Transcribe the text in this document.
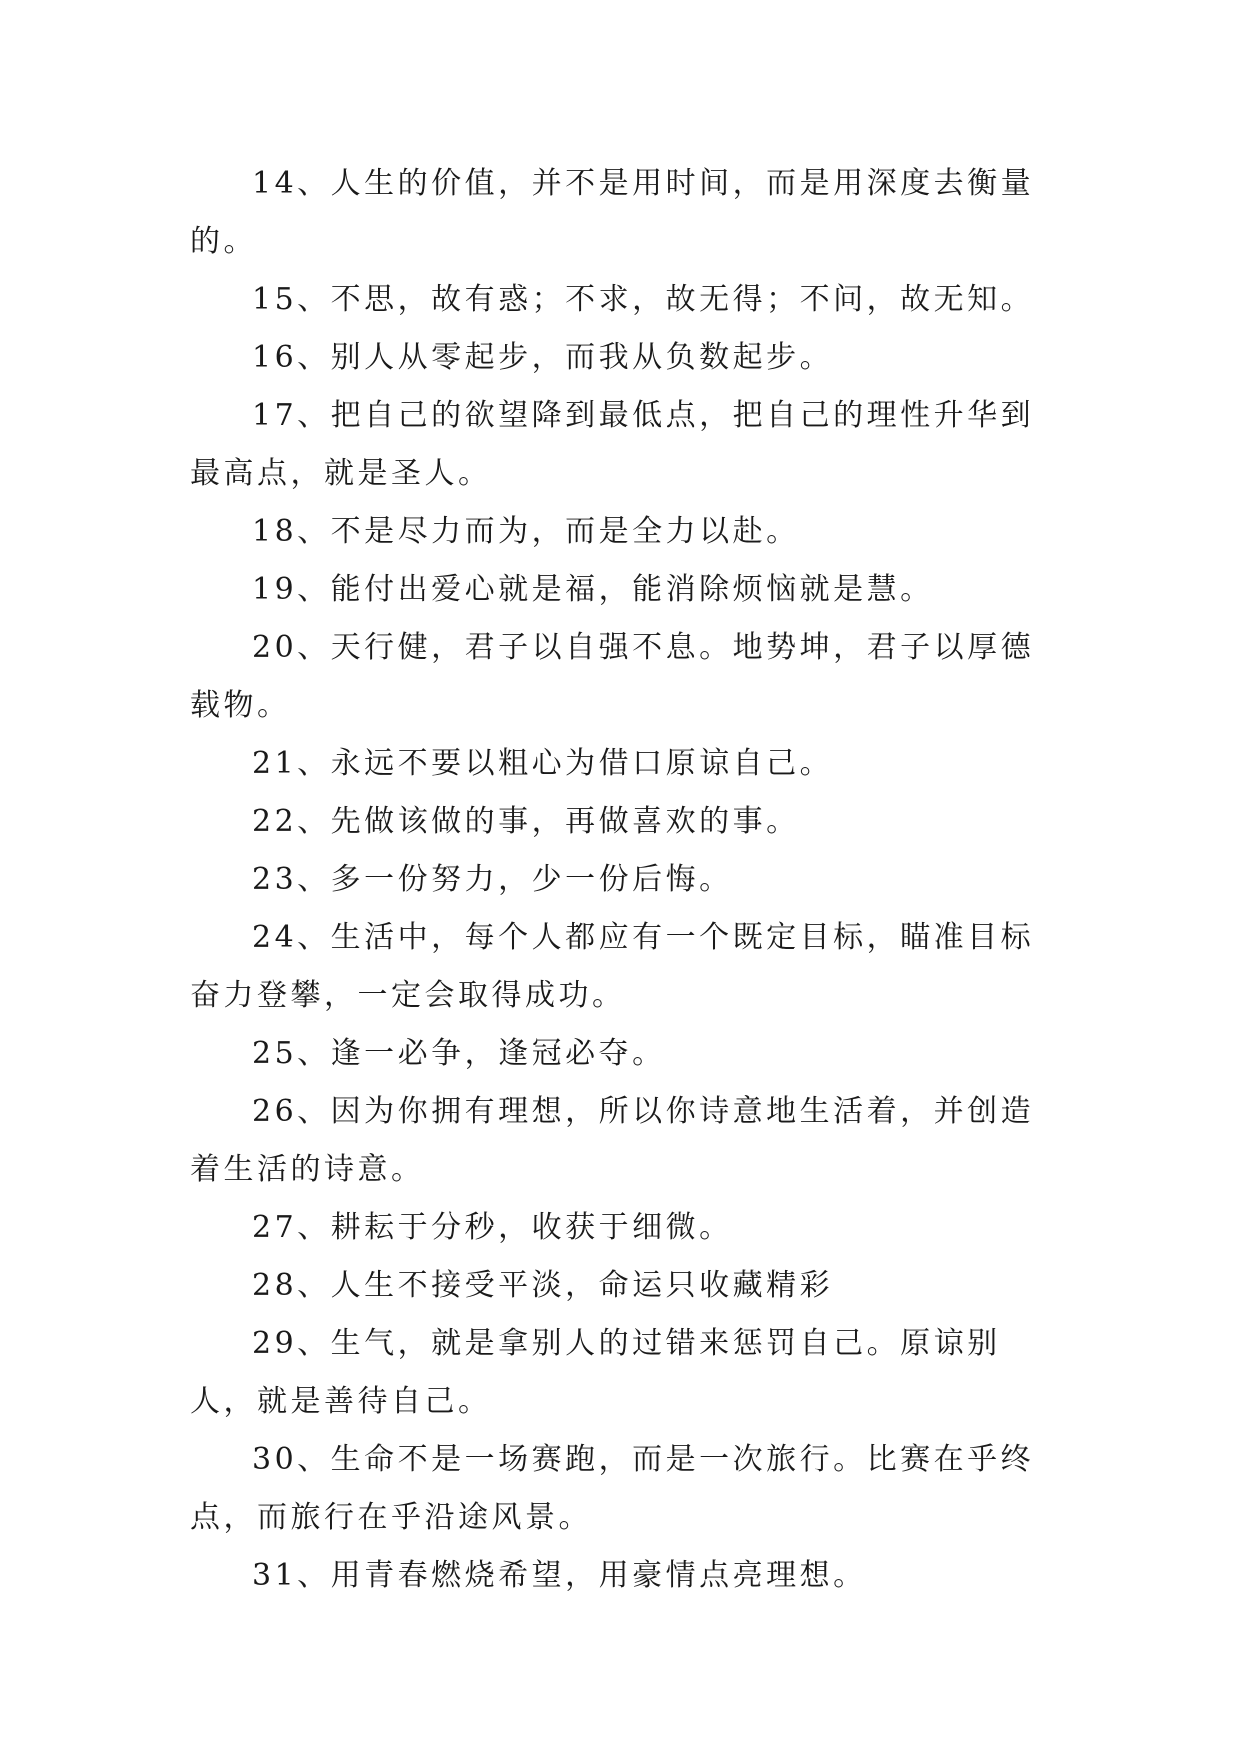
14、人生的价值，并不是用时间，而是用深度去衡量的。

15、不思，故有惑；不求，故无得；不问，故无知。

16、别人从零起步，而我从负数起步。

17、把自己的欲望降到最低点，把自己的理性升华到最高点，就是圣人。

18、不是尽力而为，而是全力以赴。

19、能付出爱心就是福，能消除烦恼就是慧。

20、天行健，君子以自强不息。地势坤，君子以厚德载物。

21、永远不要以粗心为借口原谅自己。

22、先做该做的事，再做喜欢的事。

23、多一份努力，少一份后悔。

24、生活中，每个人都应有一个既定目标，瞄准目标奋力登攀，一定会取得成功。

25、逢一必争，逢冠必夺。

26、因为你拥有理想，所以你诗意地生活着，并创造着生活的诗意。

27、耕耘于分秒，收获于细微。

28、人生不接受平淡，命运只收藏精彩

29、生气，就是拿别人的过错来惩罚自己。原谅别人，就是善待自己。

30、生命不是一场赛跑，而是一次旅行。比赛在乎终点，而旅行在乎沿途风景。

31、用青春燃烧希望，用豪情点亮理想。
